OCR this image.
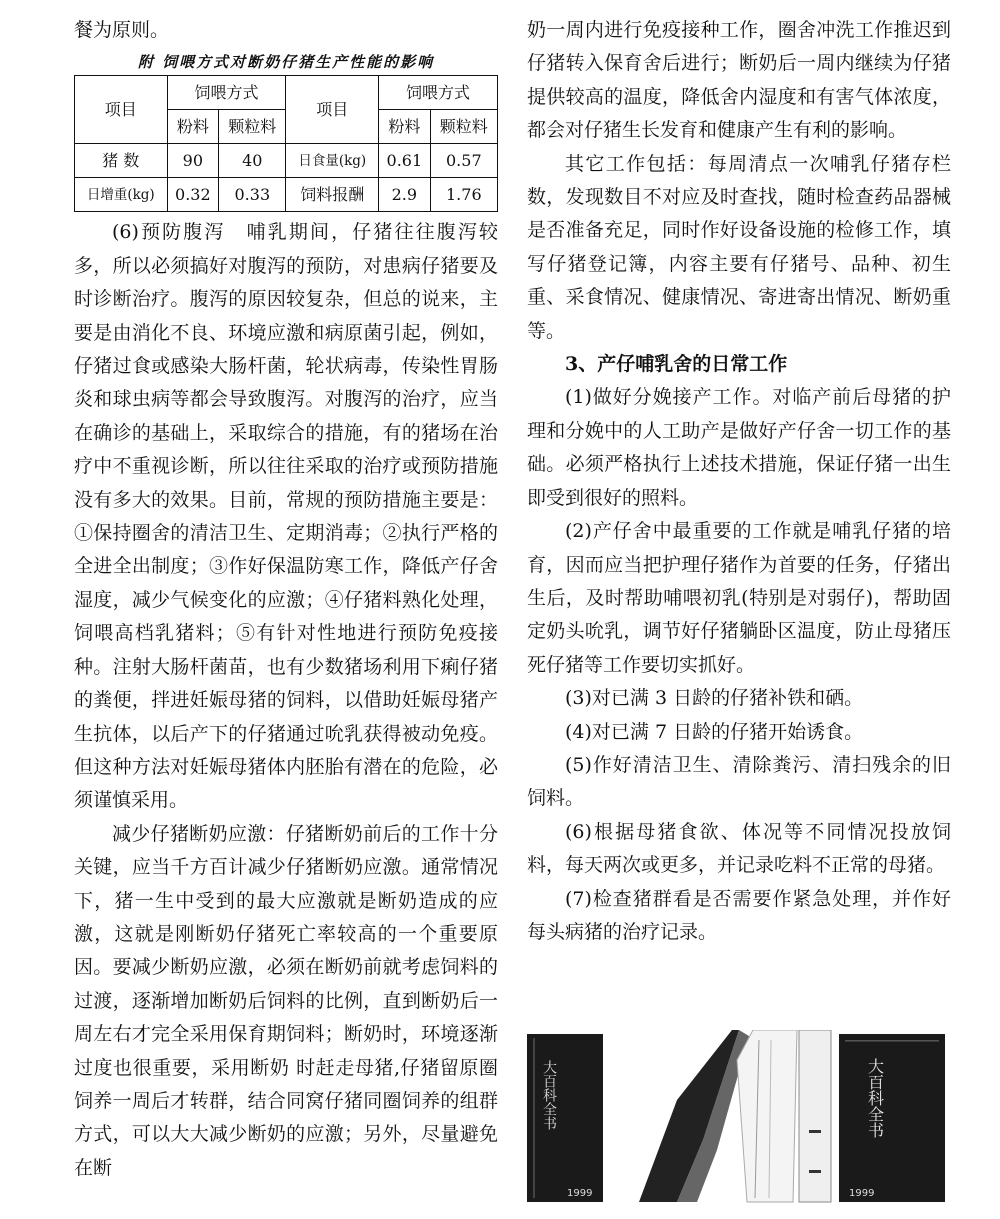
餐为原则。

附 饲喂方式对断奶仔猪生产性能的影响
项目	饲喂方式		项目	饲喂方式	
	粉料	颗粒料		粉料	颗粒料
猪 数	90	40	日食量(kg)	0.61	0.57
日增重(kg)	0.32	0.33	饲料报酬	2.9	1.76

(6)预防腹泻　哺乳期间，仔猪往往腹泻较多，所以必须搞好对腹泻的预防，对患病仔猪要及时诊断治疗。腹泻的原因较复杂，但总的说来，主要是由消化不良、环境应激和病原菌引起，例如，仔猪过食或感染大肠杆菌，轮状病毒，传染性胃肠炎和球虫病等都会导致腹泻。对腹泻的治疗，应当在确诊的基础上，采取综合的措施，有的猪场在治疗中不重视诊断，所以往往采取的治疗或预防措施没有多大的效果。目前，常规的预防措施主要是：①保持圈舍的清洁卫生、定期消毒；②执行严格的全进全出制度；③作好保温防寒工作，降低产仔舍湿度，减少气候变化的应激；④仔猪料熟化处理，饲喂高档乳猪料；⑤有针对性地进行预防免疫接种。注射大肠杆菌苗，也有少数猪场利用下痢仔猪的粪便，拌进妊娠母猪的饲料，以借助妊娠母猪产生抗体，以后产下的仔猪通过吮乳获得被动免疫。但这种方法对妊娠母猪体内胚胎有潜在的危险，必须谨慎采用。

减少仔猪断奶应激：仔猪断奶前后的工作十分关键，应当千方百计减少仔猪断奶应激。通常情况下，猪一生中受到的最大应激就是断奶造成的应激，这就是刚断奶仔猪死亡率较高的一个重要原因。要减少断奶应激，必须在断奶前就考虑饲料的过渡，逐渐增加断奶后饲料的比例，直到断奶后一周左右才完全采用保育期饲料；断奶时，环境逐渐过度也很重要，采用断奶 时赶走母猪,仔猪留原圈饲养一周后才转群，结合同窝仔猪同圈饲养的组群方式，可以大大减少断奶的应激；另外，尽量避免在断

奶一周内进行免疫接种工作，圈舍冲洗工作推迟到仔猪转入保育舍后进行；断奶后一周内继续为仔猪提供较高的温度，降低舍内湿度和有害气体浓度，都会对仔猪生长发育和健康产生有利的影响。

其它工作包括：每周清点一次哺乳仔猪存栏数，发现数目不对应及时查找，随时检查药品器械是否准备充足，同时作好设备设施的检修工作，填写仔猪登记簿，内容主要有仔猪号、品种、初生重、采食情况、健康情况、寄进寄出情况、断奶重等。

3、产仔哺乳舍的日常工作

(1)做好分娩接产工作。对临产前后母猪的护理和分娩中的人工助产是做好产仔舍一切工作的基础。必须严格执行上述技术措施，保证仔猪一出生即受到很好的照料。

(2)产仔舍中最重要的工作就是哺乳仔猪的培育，因而应当把护理仔猪作为首要的任务，仔猪出生后，及时帮助哺喂初乳(特别是对弱仔)，帮助固定奶头吮乳，调节好仔猪躺卧区温度，防止母猪压死仔猪等工作要切实抓好。

(3)对已满 3 日龄的仔猪补铁和硒。

(4)对已满 7 日龄的仔猪开始诱食。

(5)作好清洁卫生、清除粪污、清扫残余的旧饲料。

(6)根据母猪食欲、体况等不同情况投放饲料，每天两次或更多，并记录吃料不正常的母猪。

(7)检查猪群看是否需要作紧急处理，并作好每头病猪的治疗记录。

大百科全书
1999
大百科全书
1999
